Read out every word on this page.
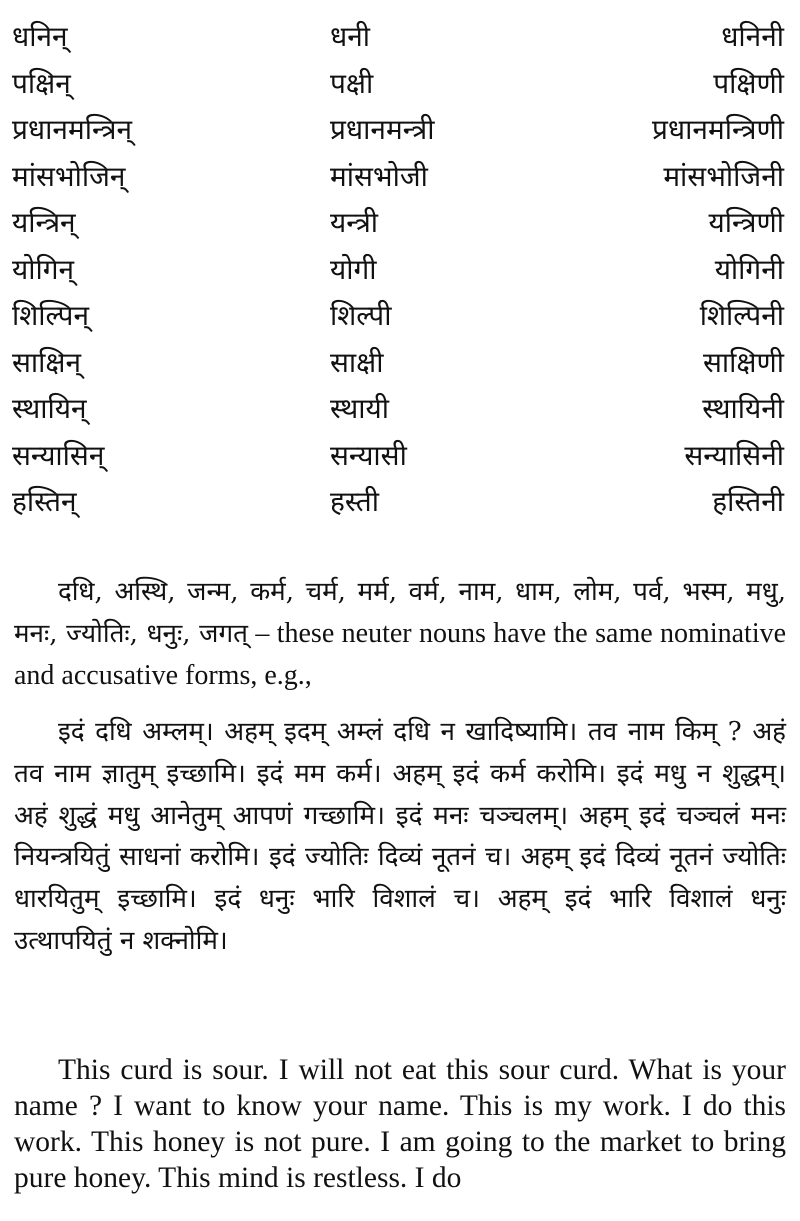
धनिन्	धनी	धनिनी
पक्षिन्	पक्षी	पक्षिणी
प्रधानमन्त्रिन्	प्रधानमन्त्री	प्रधानमन्त्रिणी
मांसभोजिन्	मांसभोजी	मांसभोजिनी
यन्त्रिन्	यन्त्री	यन्त्रिणी
योगिन्	योगी	योगिनी
शिल्पिन्	शिल्पी	शिल्पिनी
साक्षिन्	साक्षी	साक्षिणी
स्थायिन्	स्थायी	स्थायिनी
सन्यासिन्	सन्यासी	सन्यासिनी
हस्तिन्	हस्ती	हस्तिनी

दधि, अस्थि, जन्म, कर्म, चर्म, मर्म, वर्म, नाम, धाम, लोम, पर्व, भस्म, मधु, मनः, ज्योतिः, धनुः, जगत् – these neuter nouns have the same nominative and accusative forms, e.g.,

इदं दधि अम्लम्। अहम् इदम् अम्लं दधि न खादिष्यामि। तव नाम किम् ? अहं तव नाम ज्ञातुम् इच्छामि। इदं मम कर्म। अहम् इदं कर्म करोमि। इदं मधु न शुद्धम्। अहं शुद्धं मधु आनेतुम् आपणं गच्छामि। इदं मनः चञ्चलम्। अहम् इदं चञ्चलं मनः नियन्त्रयितुं साधनां करोमि। इदं ज्योतिः दिव्यं नूतनं च। अहम् इदं दिव्यं नूतनं ज्योतिः धारयितुम् इच्छामि। इदं धनुः भारि विशालं च। अहम् इदं भारि विशालं धनुः उत्थापयितुं न शक्नोमि।

This curd is sour. I will not eat this sour curd. What is your name ? I want to know your name. This is my work. I do this work. This honey is not pure. I am going to the market to bring pure honey. This mind is restless. I do
